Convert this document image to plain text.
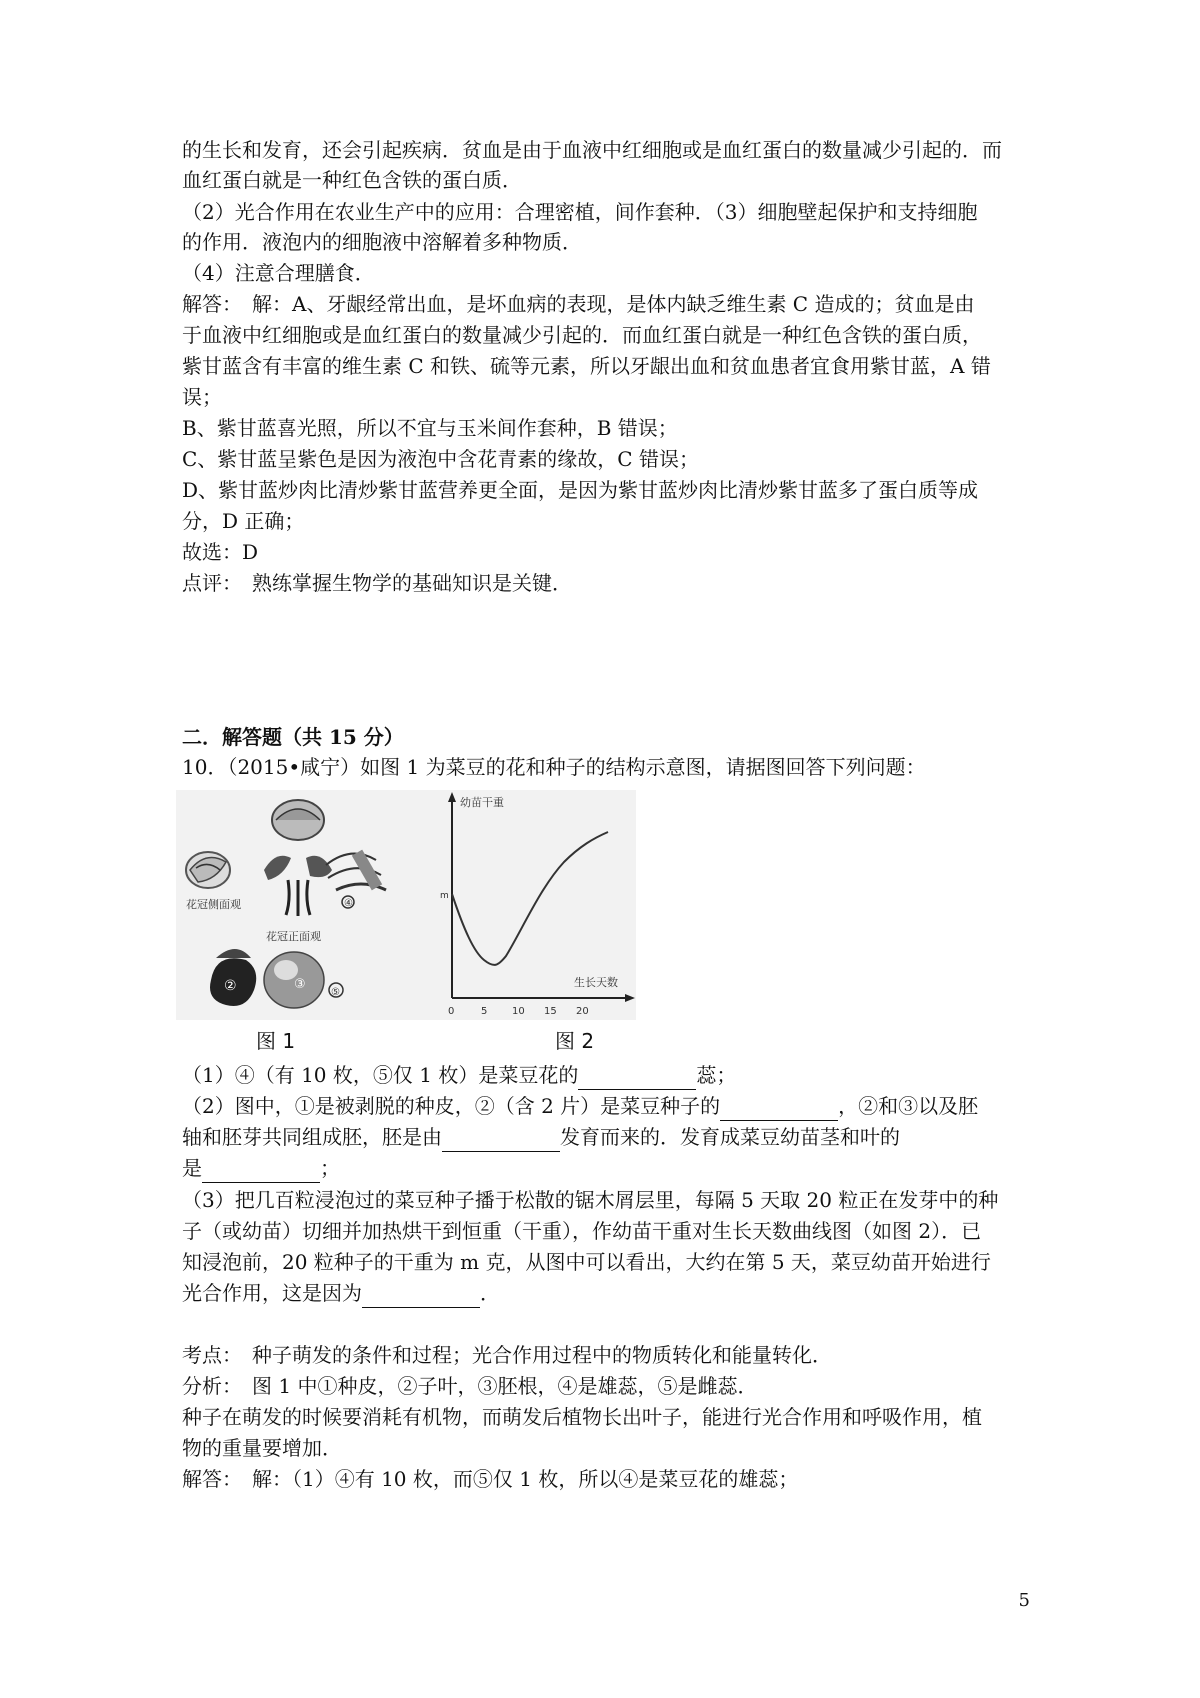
的生长和发育，还会引起疾病．贫血是由于血液中红细胞或是血红蛋白的数量减少引起的．而
血红蛋白就是一种红色含铁的蛋白质．
（2）光合作用在农业生产中的应用：合理密植，间作套种．（3）细胞壁起保护和支持细胞
的作用．液泡内的细胞液中溶解着多种物质．
（4）注意合理膳食．
解答：　解：A、牙龈经常出血，是坏血病的表现，是体内缺乏维生素 C 造成的；贫血是由
于血液中红细胞或是血红蛋白的数量减少引起的．而血红蛋白就是一种红色含铁的蛋白质，
紫甘蓝含有丰富的维生素 C 和铁、硫等元素，所以牙龈出血和贫血患者宜食用紫甘蓝，A 错
误；
B、紫甘蓝喜光照，所以不宜与玉米间作套种，B 错误；
C、紫甘蓝呈紫色是因为液泡中含花青素的缘故，C 错误；
D、紫甘蓝炒肉比清炒紫甘蓝营养更全面，是因为紫甘蓝炒肉比清炒紫甘蓝多了蛋白质等成
分，D 正确；
故选：D
点评：　熟练掌握生物学的基础知识是关键．
二．解答题（共 15 分）
10．（2015•咸宁）如图 1 为菜豆的花和种子的结构示意图，请据图回答下列问题：
花冠侧面观
花冠正面观
④
②	③
⑤
图 1
幼苗干重
生长天数
m
0	5 10 15 20
图 2
（1）④（有 10 枚，⑤仅 1 枚）是菜豆花的	蕊；
（2）图中，①是被剥脱的种皮，②（含 2 片）是菜豆种子的	，②和③以及胚
轴和胚芽共同组成胚，胚是由	发育而来的．发育成菜豆幼苗茎和叶的
是	；
（3）把几百粒浸泡过的菜豆种子播于松散的锯木屑层里，每隔 5 天取 20 粒正在发芽中的种
子（或幼苗）切细并加热烘干到恒重（干重），作幼苗干重对生长天数曲线图（如图 2）．已
知浸泡前，20 粒种子的干重为 m 克，从图中可以看出，大约在第 5 天，菜豆幼苗开始进行
光合作用，这是因为	．
考点：　种子萌发的条件和过程；光合作用过程中的物质转化和能量转化．
分析：　图 1 中①种皮，②子叶，③胚根，④是雄蕊，⑤是雌蕊．
种子在萌发的时候要消耗有机物，而萌发后植物长出叶子，能进行光合作用和呼吸作用，植
物的重量要增加．
解答：　解：（1）④有 10 枚，而⑤仅 1 枚，所以④是菜豆花的雄蕊；
5
